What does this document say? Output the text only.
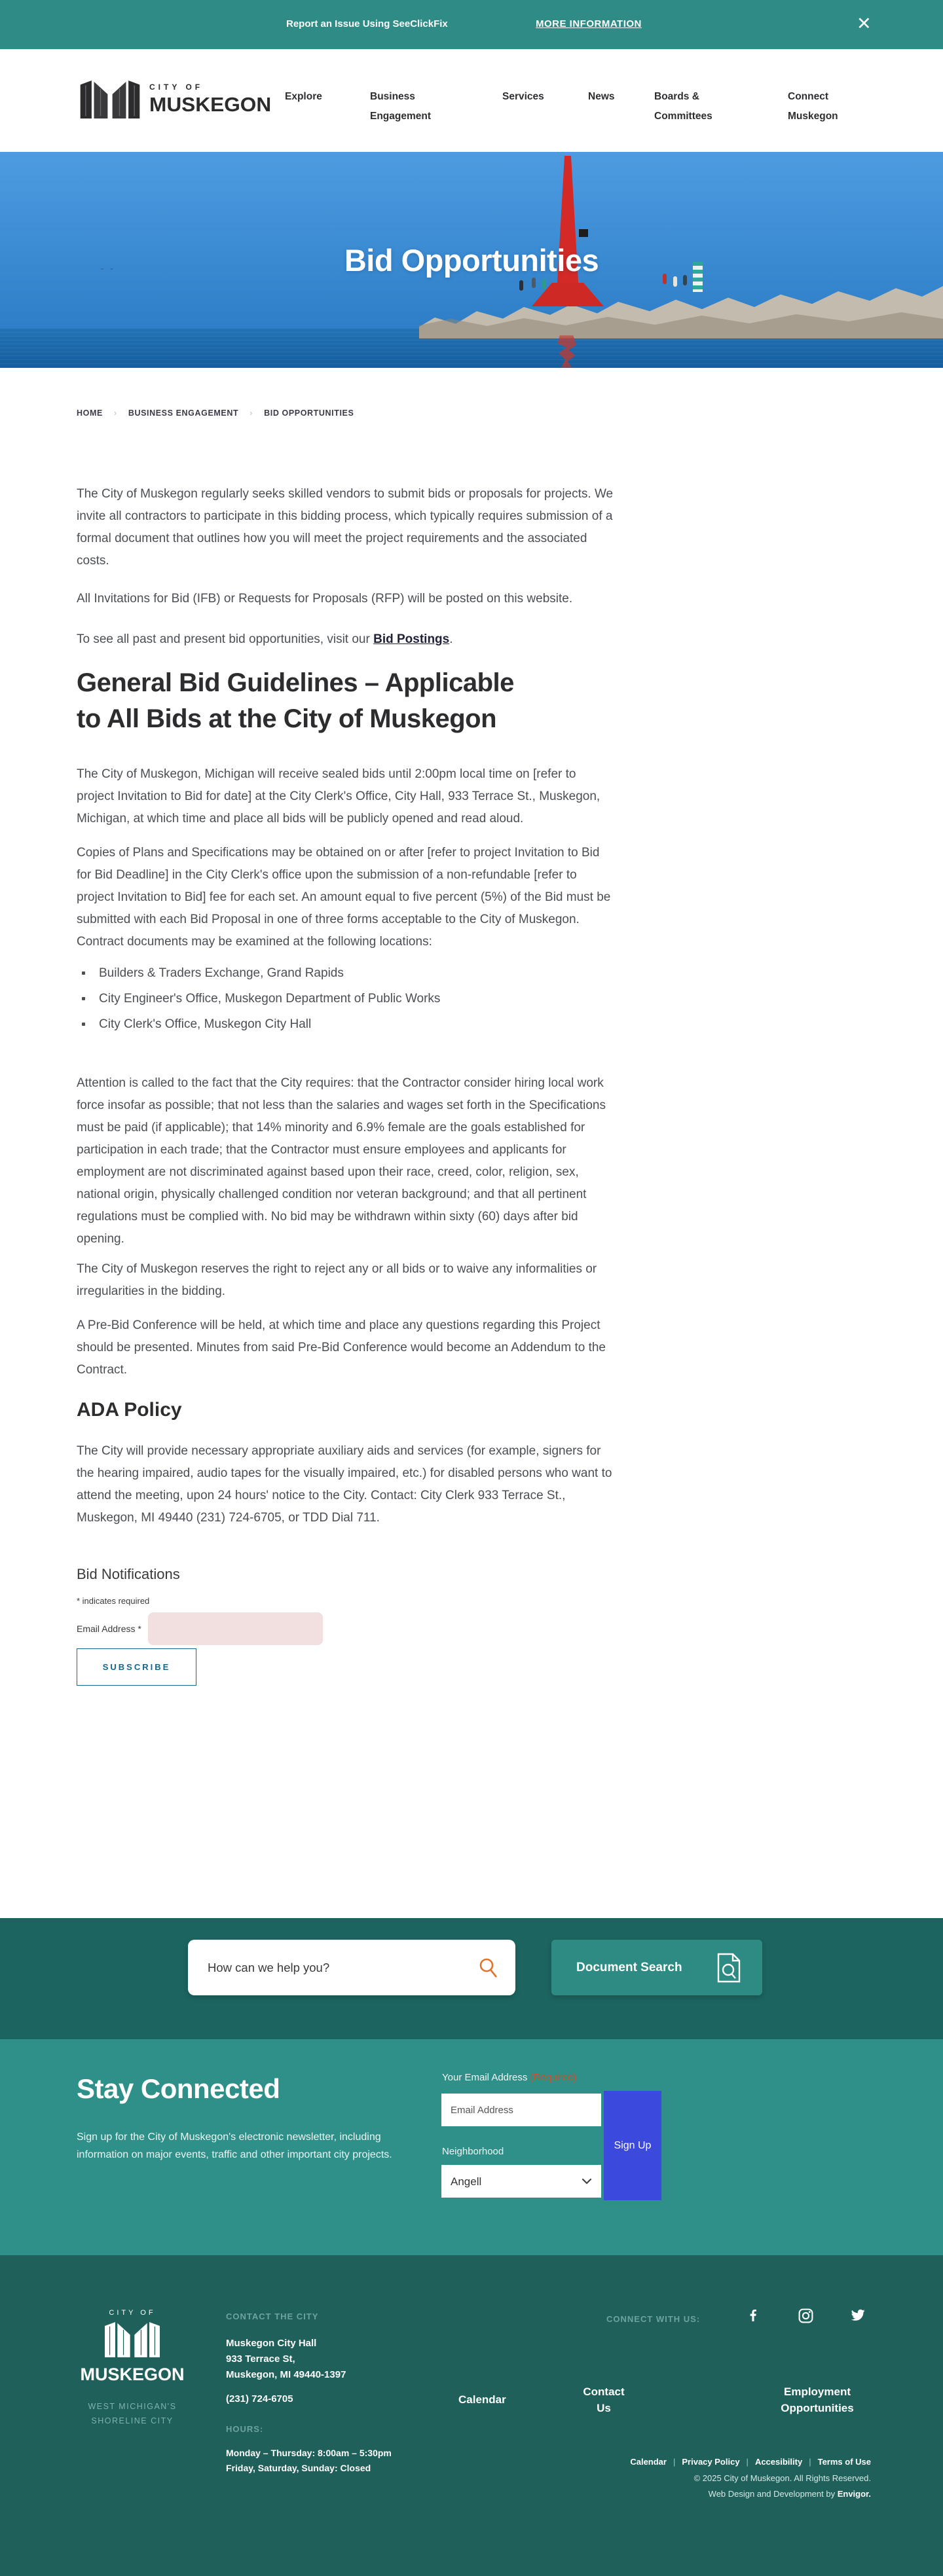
Report an Issue Using SeeClickFix	MORE INFORMATION	✕
CITY OF
MUSKEGON Explore	Business
Engagement
Services	News	Boards &
Committees
Connect
Muskegon
⌄⌄	Bid Opportunities
HOME › BUSINESS ENGAGEMENT › BID OPPORTUNITIES

The City of Muskegon regularly seeks skilled vendors to submit bids or proposals for projects. We invite all contractors to participate in this bidding process, which typically requires submission of a formal document that outlines how you will meet the project requirements and the associated costs.

All Invitations for Bid (IFB) or Requests for Proposals (RFP) will be posted on this website.

To see all past and present bid opportunities, visit our Bid Postings.

General Bid Guidelines – Applicable to All Bids at the City of Muskegon

The City of Muskegon, Michigan will receive sealed bids until 2:00pm local time on [refer to project Invitation to Bid for date] at the City Clerk's Office, City Hall, 933 Terrace St., Muskegon, Michigan, at which time and place all bids will be publicly opened and read aloud.

Copies of Plans and Specifications may be obtained on or after [refer to project Invitation to Bid for Bid Deadline] in the City Clerk's office upon the submission of a non-refundable [refer to project Invitation to Bid] fee for each set. An amount equal to five percent (5%) of the Bid must be submitted with each Bid Proposal in one of three forms acceptable to the City of Muskegon. Contract documents may be examined at the following locations:

Builders & Traders Exchange, Grand Rapids
City Engineer's Office, Muskegon Department of Public Works
City Clerk's Office, Muskegon City Hall

Attention is called to the fact that the City requires: that the Contractor consider hiring local work force insofar as possible; that not less than the salaries and wages set forth in the Specifications must be paid (if applicable); that 14% minority and 6.9% female are the goals established for participation in each trade; that the Contractor must ensure employees and applicants for employment are not discriminated against based upon their race, creed, color, religion, sex, national origin, physically challenged condition nor veteran background; and that all pertinent regulations must be complied with. No bid may be withdrawn within sixty (60) days after bid opening.

The City of Muskegon reserves the right to reject any or all bids or to waive any informalities or irregularities in the bidding.

A Pre-Bid Conference will be held, at which time and place any questions regarding this Project should be presented. Minutes from said Pre-Bid Conference would become an Addendum to the Contract.

ADA Policy

The City will provide necessary appropriate auxiliary aids and services (for example, signers for the hearing impaired, audio tapes for the visually impaired, etc.) for disabled persons who want to attend the meeting, upon 24 hours' notice to the City. Contact: City Clerk 933 Terrace St., Muskegon, MI 49440 (231) 724-6705, or TDD Dial 711.

Bid Notifications
* indicates required
Email Address *
SUBSCRIBE
How can we help you?
Document Search
Stay Connected

Sign up for the City of Muskegon's electronic newsletter, including information on major events, traffic and other important city projects.

Your Email Address (Required)
Email Address
Neighborhood
Angell
Sign Up
CITY OF
MUSKEGON
WEST MICHIGAN'S
SHORELINE CITY
CONTACT THE CITY
Muskegon City Hall
933 Terrace St,
Muskegon, MI 49440-1397
(231) 724-6705
HOURS:
Monday – Thursday: 8:00am – 5:30pm
Friday, Saturday, Sunday: Closed
Calendar
Contact
Us
Employment
Opportunities
CONNECT WITH US:
Calendar | Privacy Policy | Accesibility | Terms of Use
© 2025 City of Muskegon. All Rights Reserved.
Web Design and Development by Envigor.
